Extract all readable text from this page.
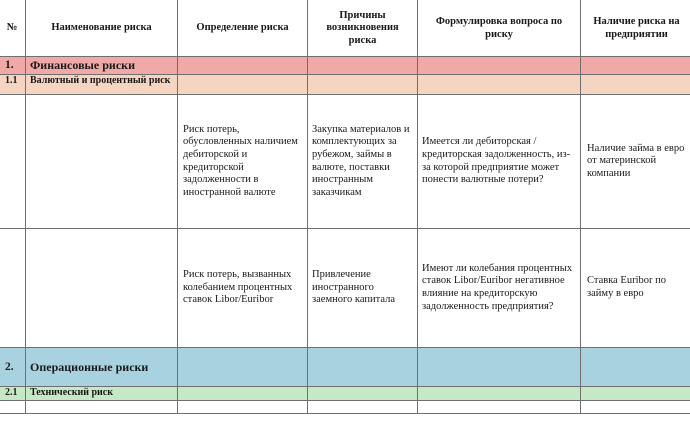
№	Наименование риска	Определение риска	Причины возникновения риска	Формулировка вопроса по риску	Наличие риска на предприятии
1.	Финансовые риски				
1.1	Валютный и процентный риск				
		Риск потерь, обусловленных наличием дебиторской и кредиторской задолженности в иностранной валюте	Закупка материалов и комплектующих за рубежом, займы в валюте, поставки иностранным заказчикам	Имеется ли дебиторская / кредиторская задолженность, из-за которой предприятие может понести валютные потери?	Наличие займа в евро от материнской компании
		Риск потерь, вызванных колебанием процентных ставок Libor/Euribor	Привлечение иностранного заемного капитала	Имеют ли колебания процентных ставок Libor/Euribor негативное влияние на кредиторскую задолженность предприятия?	Ставка Euribor по займу в евро
2.	Операционные риски				
2.1	Технический риск				
